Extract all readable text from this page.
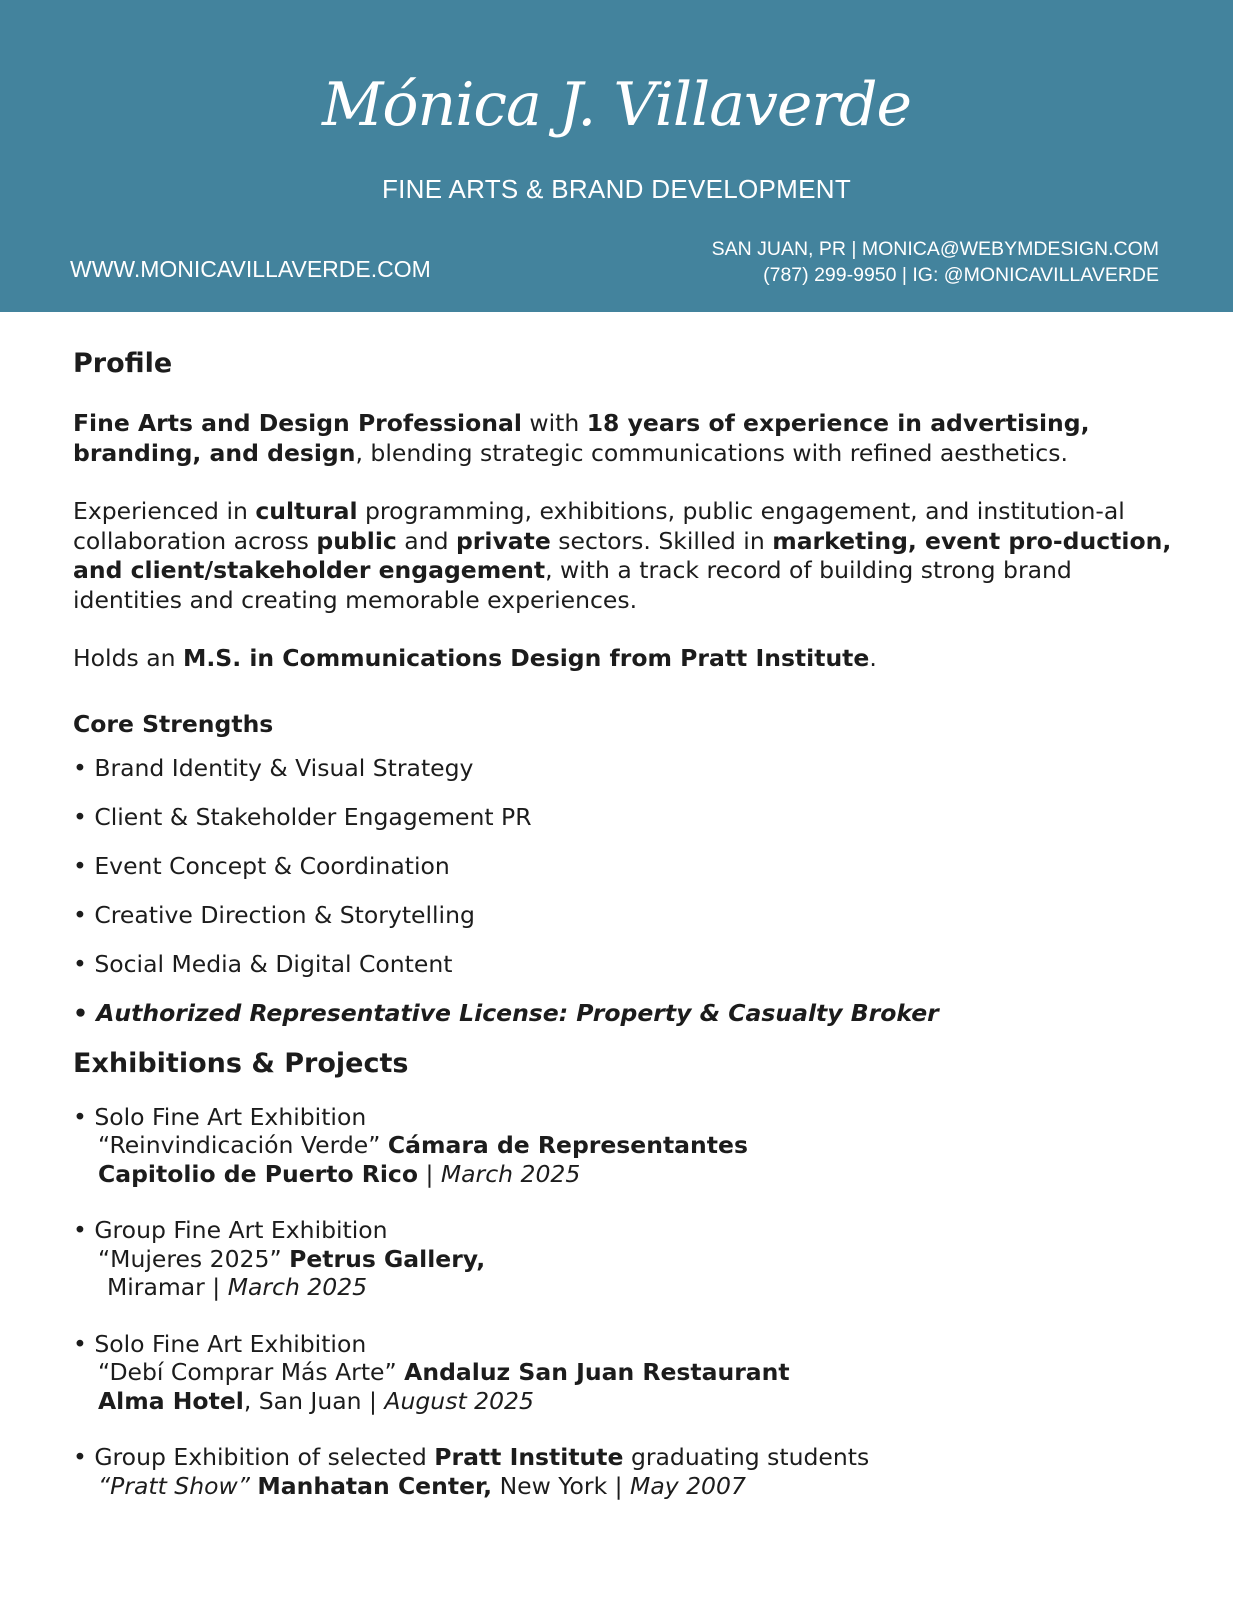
Mónica J. Villaverde
FINE ARTS & BRAND DEVELOPMENT
WWW.MONICAVILLAVERDE.COM
SAN JUAN, PR | MONICA@WEBYMDESIGN.COM
(787) 299-9950 | IG: @MONICAVILLAVERDE
Profile

Fine Arts and Design Professional with 18 years of experience in advertising, branding, and design, blending strategic communications with refined aesthetics.

Experienced in cultural programming, exhibitions, public engagement, and institution-al collaboration across public and private sectors. Skilled in marketing, event pro-duction, and client/stakeholder engagement, with a track record of building strong brand identities and creating memorable experiences.

Holds an M.S. in Communications Design from Pratt Institute.

Core Strengths
• Brand Identity & Visual Strategy
• Client & Stakeholder Engagement PR
• Event Concept & Coordination
• Creative Direction & Storytelling
• Social Media & Digital Content
• Authorized Representative License: Property & Casualty Broker
Exhibitions & Projects
• Solo Fine Art Exhibition
“Reinvindicación Verde” Cámara de Representantes
Capitolio de Puerto Rico | March 2025
• Group Fine Art Exhibition
“Mujeres 2025” Petrus Gallery,
Miramar | March 2025
• Solo Fine Art Exhibition
“Debí Comprar Más Arte” Andaluz San Juan Restaurant
Alma Hotel, San Juan | August 2025
• Group Exhibition of selected Pratt Institute graduating students
“Pratt Show” Manhatan Center, New York | May 2007
